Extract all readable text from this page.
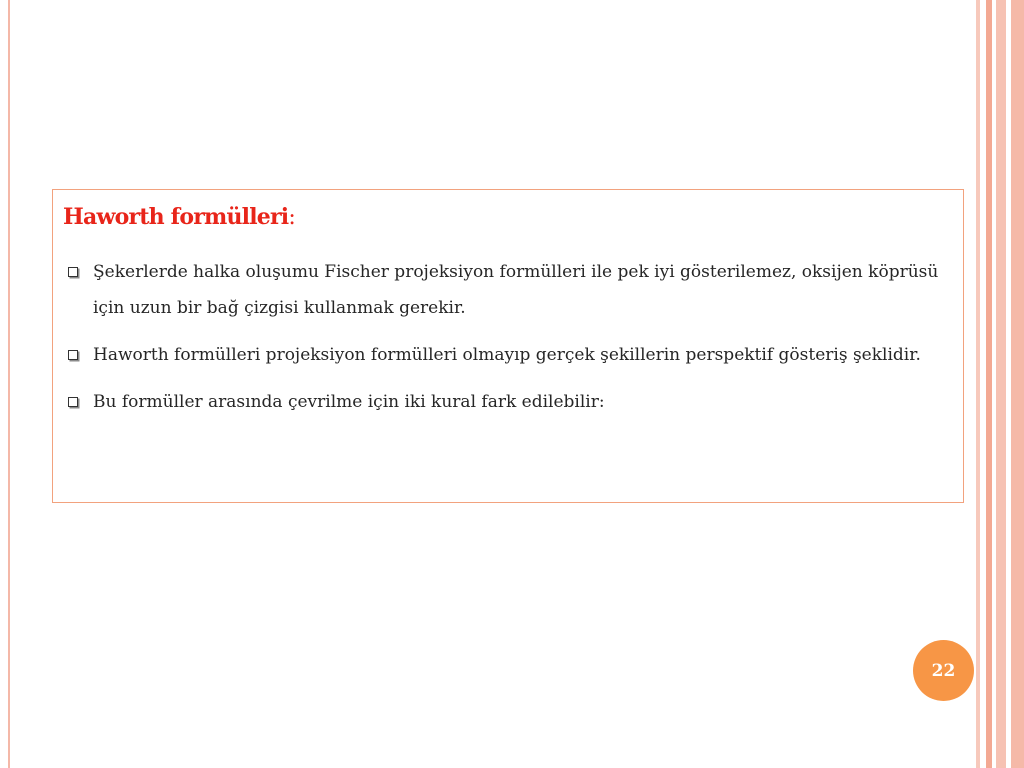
Haworth formülleri:
Şekerlerde halka oluşumu Fischer projeksiyon formülleri ile pek iyi gösterilemez, oksijen köprüsü için uzun bir bağ çizgisi kullanmak gerekir.
Haworth formülleri projeksiyon formülleri olmayıp gerçek şekillerin perspektif gösteriş şeklidir.
Bu formüller arasında çevrilme için iki kural fark edilebilir:
22
